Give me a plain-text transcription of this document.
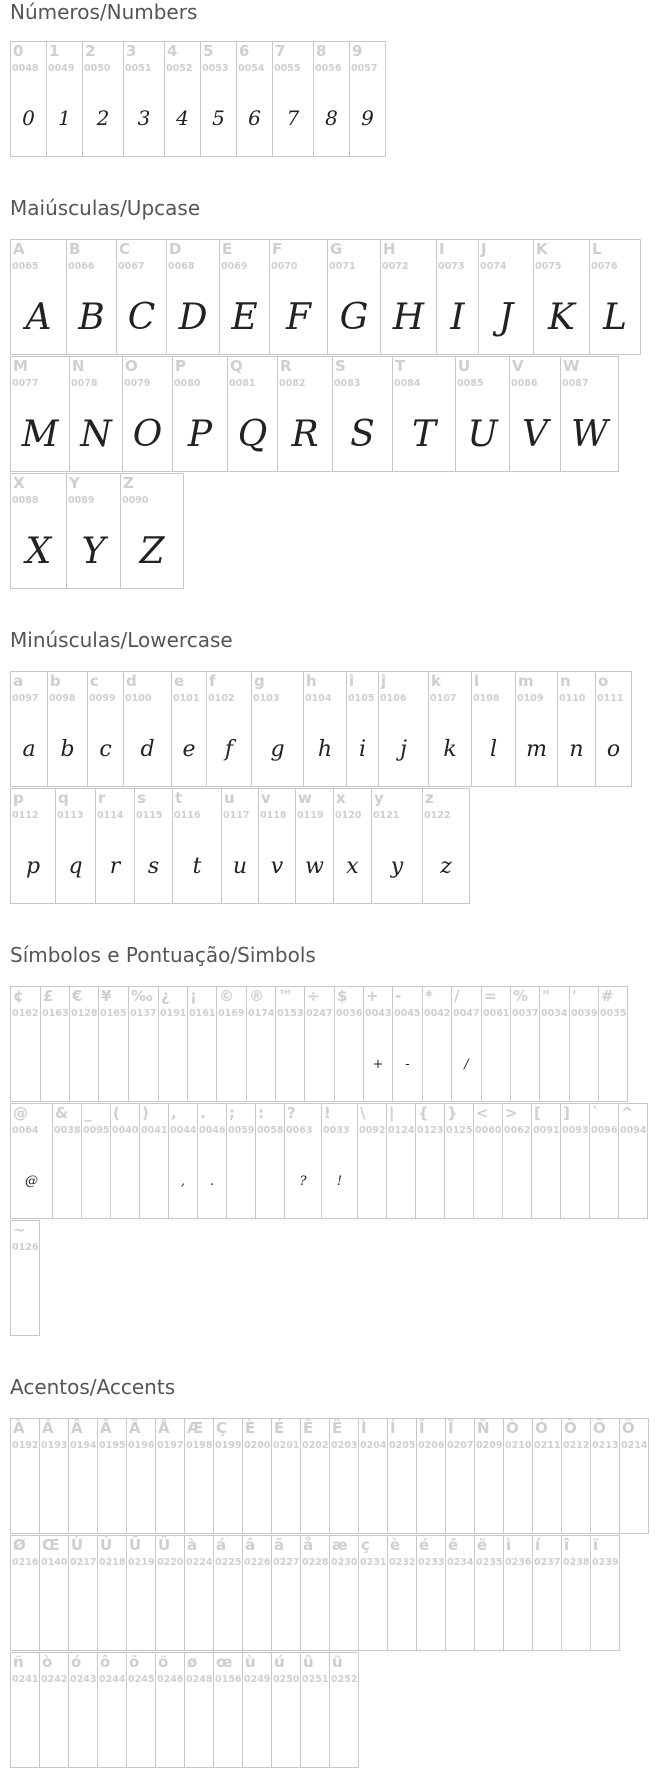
Números/Numbers
0
0048
0
1
0049
1
2
0050
2
3
0051
3
4
0052
4
5
0053
5
6
0054
6
7
0055
7
8
0056
8
9
0057
9
Maiúsculas/Upcase
A
0065
A
B
0066
B
C
0067
C
D
0068
D
E
0069
E
F
0070
F
G
0071
G
H
0072
H
I
0073
I
J
0074
J
K
0075
K
L
0076
L
M
0077
M
N
0078
N
O
0079
O
P
0080
P
Q
0081
Q
R
0082
R
S
0083
S
T
0084
T
U
0085
U
V
0086
V
W
0087
W
X
0088
X
Y
0089
Y
Z
0090
Z
Minúsculas/Lowercase
a
0097
a
b
0098
b
c
0099
c
d
0100
d
e
0101
e
f
0102
f
g
0103
g
h
0104
h
i
0105
i
j
0106
j
k
0107
k
l
0108
l
m
0109
m
n
0110
n
o
0111
o
p
0112
p
q
0113
q
r
0114
r
s
0115
s
t
0116
t
u
0117
u
v
0118
v
w
0119
w
x
0120
x
y
0121
y
z
0122
z
Símbolos e Pontuação/Simbols
¢
0162
£
0163
€
0128
¥
0165
‰
0137
¿
0191
¡
0161
©
0169
®
0174
™
0153
÷
0247
$
0036
+
0043
+
-
0045
-
*
0042
/
0047
/
=
0061
%
0037
"
0034
'
0039
#
0035
@
0064
@
&
0038
_
0095
(
0040
)
0041
,
0044
,
.
0046
.
;
0059
:
0058
?
0063
?
!
0033
!
\
0092
|
0124
{
0123
}
0125
<
0060
>
0062
[
0091
]
0093
`
0096
^
0094
~
0126
Acentos/Accents
À
0192
Á
0193
Â
0194
Ã
0195
Ä
0196
Å
0197
Æ
0198
Ç
0199
È
0200
É
0201
Ê
0202
Ë
0203
Ì
0204
Í
0205
Î
0206
Ï
0207
Ñ
0209
Ò
0210
Ó
0211
Ô
0212
Õ
0213
Ö
0214
Ø
0216
Œ
0140
Ù
0217
Ú
0218
Û
0219
Ü
0220
à
0224
á
0225
â
0226
ã
0227
å
0228
æ
0230
ç
0231
è
0232
é
0233
ê
0234
ë
0235
ì
0236
í
0237
î
0238
ï
0239
ñ
0241
ò
0242
ó
0243
ô
0244
õ
0245
ö
0246
ø
0248
œ
0156
ù
0249
ú
0250
û
0251
ü
0252
